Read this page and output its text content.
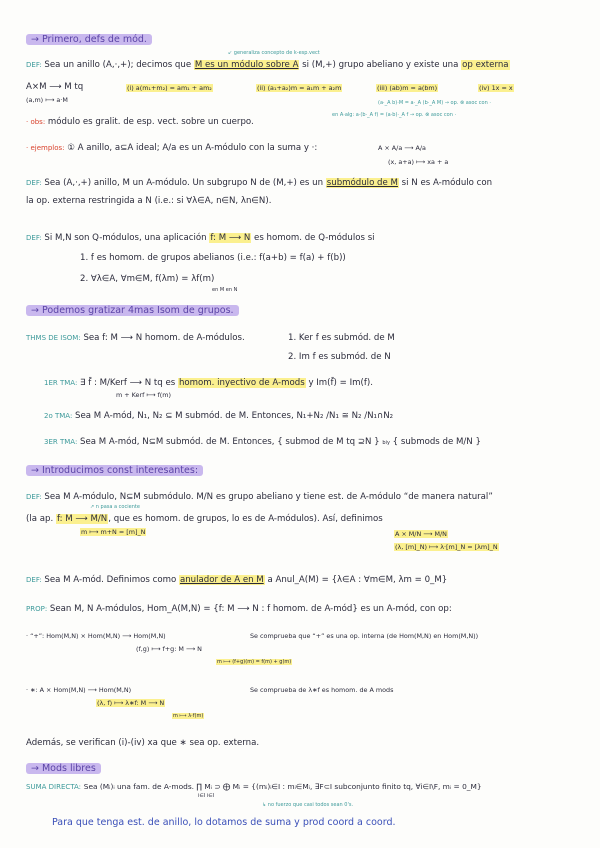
→ Primero, defs de mód.
↙ generaliza concepto de k-esp.vect
DEF: Sea un anillo (A,·,+); decimos que M es un módulo sobre A si (M,+) grupo abeliano y existe una op externa
A×M ⟶ M tq
(a,m) ⟼ a·M
(i) a(m₁+m₂) = am₁ + am₂	(ii) (a₁+a₂)m = a₁m + a₂m	(iii) (ab)m = a(bm)	(iv) 1x = x
(a·_A b)·M = a·_A (b·_A M) → op. ⊗ asoc con ·
en A·alg: a·(b·_A f) = (a·b)·_A f → op. ⊗ asoc con ·
· obs: módulo es gralit. de esp. vect. sobre un cuerpo.
· ejemplos: ① A anillo, a⊆A ideal; A/a es un A-módulo con la suma y ·:	A × A/a ⟶ A/a
(x, a+a) ⟼ xa + a
DEF: Sea (A,·,+) anillo, M un A-módulo. Un subgrupo N de (M,+) es un submódulo de M si N es A-módulo con
la op. externa restringida a N (i.e.: si ∀λ∈A, n∈N, λn∈N).
DEF: Si M,N son Q-módulos, una aplicación f: M ⟶ N es homom. de Q-módulos si
1. f es homom. de grupos abelianos (i.e.: f(a+b) = f(a) + f(b))
2. ∀λ∈A, ∀m∈M, f(λm) = λf(m)
en M en N
→ Podemos gratizar 4mas Isom de grupos.
THMS DE ISOM: Sea f: M ⟶ N homom. de A-módulos.	1. Ker f es submód. de M
2. Im f es submód. de N
1ER TMA: ∃ f̄ : M/Kerf ⟶ N tq es homom. inyectivo de A-mods y Im(f̄) = Im(f).
m + Kerf ⟼ f(m)
2o TMA: Sea M A-mód, N₁, N₂ ⊆ M submód. de M. Entonces, N₁+N₂ /N₁ ≅ N₂ /N₁∩N₂
3ER TMA: Sea M A-mód, N⊆M submód. de M. Entonces, { submod de M tq ⊇N } biy { submods de M/N }
→ Introducimos const interesantes:
DEF: Sea M A-módulo, N⊆M submódulo. M/N es grupo abeliano y tiene est. de A-módulo “de manera natural”
↗ n pasa a cociente
(la ap. f: M ⟶ M/N, que es homom. de grupos, lo es de A-módulos). Así, definimos
m ⟼ m+N = [m]_N	A × M/N ⟶ M/N
(λ, [m]_N) ⟼ λ·[m]_N = [λm]_N
DEF: Sea M A-mód. Definimos como anulador de A en M a Anul_A(M) = {λ∈A : ∀m∈M, λm = 0_M}
PROP: Sean M, N A-módulos, Hom_A(M,N) = {f: M ⟶ N : f homom. de A-mód} es un A-mód, con op:
· “+”: Hom(M,N) × Hom(M,N) ⟶ Hom(M,N)
(f,g) ⟼ f+g: M ⟶ N
m ⟼ (f+g)(m) = f(m) + g(m)
Se comprueba que “+” es una op. interna (de Hom(M,N) en Hom(M,N))
· ∗: A × Hom(M,N) ⟶ Hom(M,N)
(λ, f) ⟼ λ∗f: M ⟶ N
m ⟼ λ·f(m)
Se comprueba de λ∗f es homom. de A mods
Además, se verifican (i)-(iv) xa que ∗ sea op. externa.
→ Mods libres
SUMA DIRECTA: Sea (Mᵢ)ᵢ una fam. de A-mods. ∏ Mᵢ ⊃ ⨁ Mᵢ = {(mᵢ)ᵢ∈I : mᵢ∈Mᵢ, ∃F⊂I subconjunto finito tq, ∀i∈I\F, mᵢ = 0_M}
i∈I i∈I
↳ no fuerzo que casi todos sean 0's.
Para que tenga est. de anillo, lo dotamos de suma y prod coord a coord.
